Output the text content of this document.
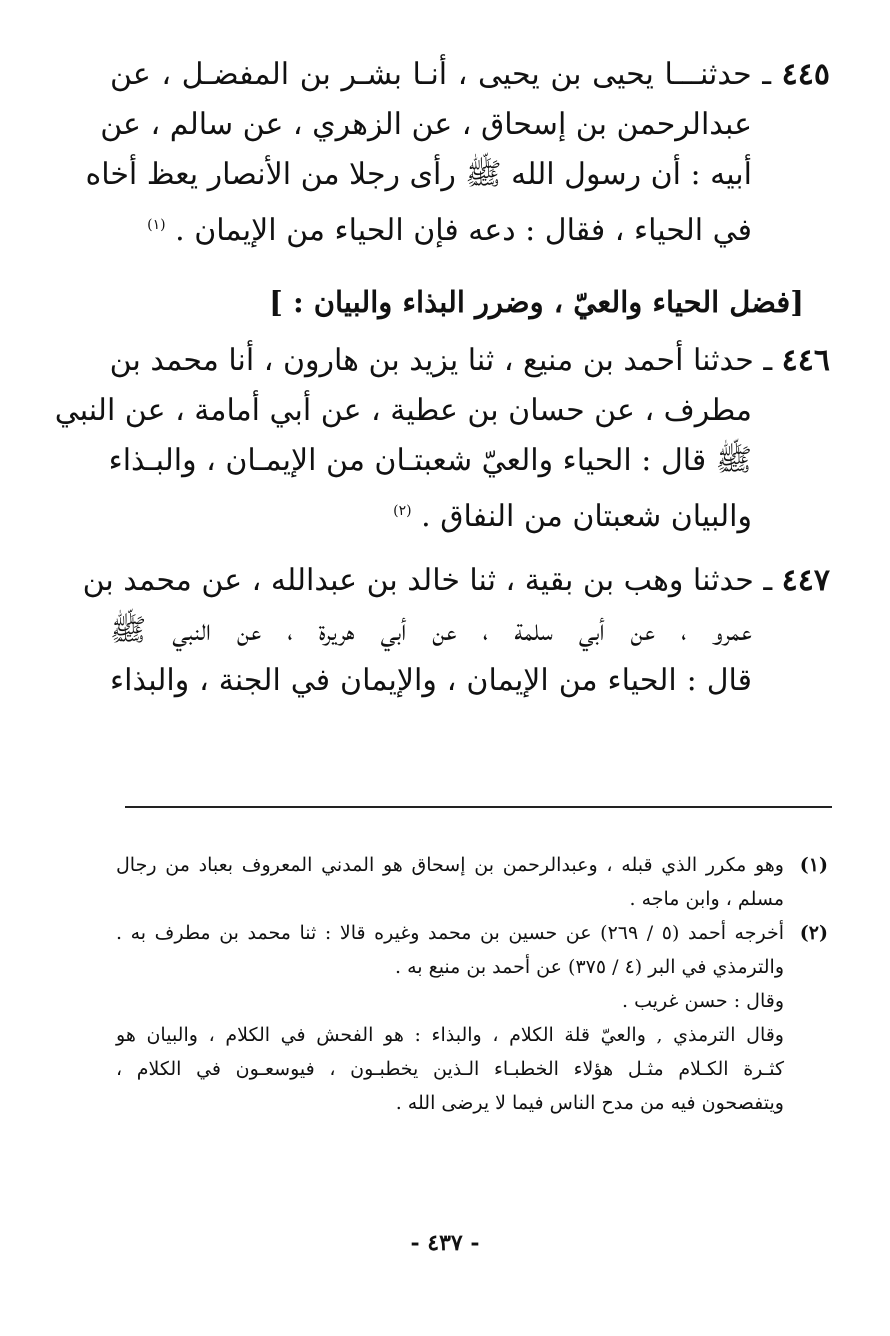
٤٤٥ ـ حدثنـــا يحيى بن يحيى ، أنـا بشـر بن المفضـل ، عن
عبدالرحمن بن إسحاق ، عن الزهري ، عن سالم ، عن
أبيه : أن رسول الله ﷺ رأى رجلا من الأنصار يعظ أخاه
في الحياء ، فقال : دعه فإن الحياء من الإيمان . $^{(١)}$
[فضل الحياء والعيّ ، وضرر البذاء والبيان : ]
٤٤٦ ـ حدثنا أحمد بن منيع ، ثنا يزيد بن هارون ، أنا محمد بن
مطرف ، عن حسان بن عطية ، عن أبي أمامة ، عن النبي
ﷺ قال : الحياء والعيّ شعبتـان من الإيمـان ، والبـذاء
والبيان شعبتان من النفاق . $^{(٢)}$
٤٤٧ ـ حدثنا وهب بن بقية ، ثنا خالد بن عبدالله ، عن محمد بن
عمرو ، عن أبي سلمة ، عن أبي هريرة ، عن النبي ﷺ
قال : الحياء من الإيمان ، والإيمان في الجنة ، والبذاء
(١)
وهو مكرر الذي قبله ، وعبدالرحمن بن إسحاق هو المدني المعروف بعباد من رجال
مسلم ، وابن ماجه .
(٢)
أخرجه أحمد (٥ / ٢٦٩) عن حسين بن محمد وغيره قالا : ثنا محمد بن مطرف به .
والترمذي في البر (٤ / ٣٧٥) عن أحمد بن منيع به .
وقال : حسن غريب .
وقال الترمذي , والعيّ قلة الكلام ، والبذاء : هو الفحش في الكلام ، والبيان هو
كثـرة الكـلام مثـل هؤلاء الخطبـاء الـذين يخطبـون ، فيوسعـون في الكلام ،
ويتفصحون فيه من مدح الناس فيما لا يرضى الله .
- ٤٣٧ -
